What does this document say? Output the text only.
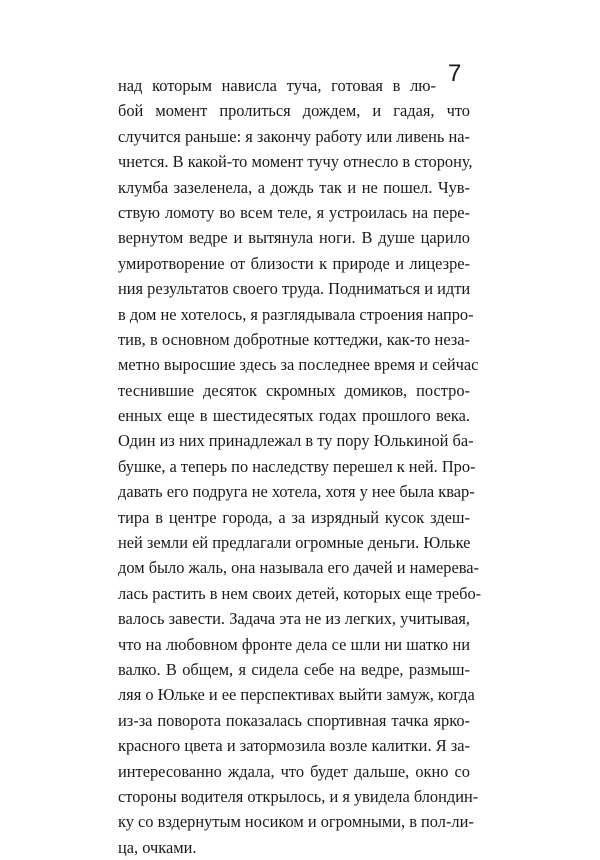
7
над которым нависла туча, готовая в лю-
бой момент пролиться дождем, и гадая, что
случится раньше: я закончу работу или ливень на-
чнется. В какой-то момент тучу отнесло в сторону,
клумба зазеленела, а дождь так и не пошел. Чув-
ствую ломоту во всем теле, я устроилась на пере-
вернутом ведре и вытянула ноги. В душе царило
умиротворение от близости к природе и лицезре-
ния результатов своего труда. Подниматься и идти
в дом не хотелось, я разглядывала строения напро-
тив, в основном добротные коттеджи, как-то неза-
метно выросшие здесь за последнее время и сейчас
теснившие десяток скромных домиков, постро-
енных еще в шестидесятых годах прошлого века.
Один из них принадлежал в ту пору Юлькиной ба-
бушке, а теперь по наследству перешел к ней. Про-
давать его подруга не хотела, хотя у нее была квар-
тира в центре города, а за изрядный кусок здеш-
ней земли ей предлагали огромные деньги. Юльке
дом было жаль, она называла его дачей и намерева-
лась растить в нем своих детей, которых еще требо-
валось завести. Задача эта не из легких, учитывая,
что на любовном фронте дела се шли ни шатко ни
валко. В общем, я сидела себе на ведре, размыш-
ляя о Юльке и ее перспективах выйти замуж, когда
из-за поворота показалась спортивная тачка ярко-
красного цвета и затормозила возле калитки. Я за-
интересованно ждала, что будет дальше, окно со
стороны водителя открылось, и я увидела блондин-
ку со вздернутым носиком и огромными, в пол-ли-
ца, очками.
